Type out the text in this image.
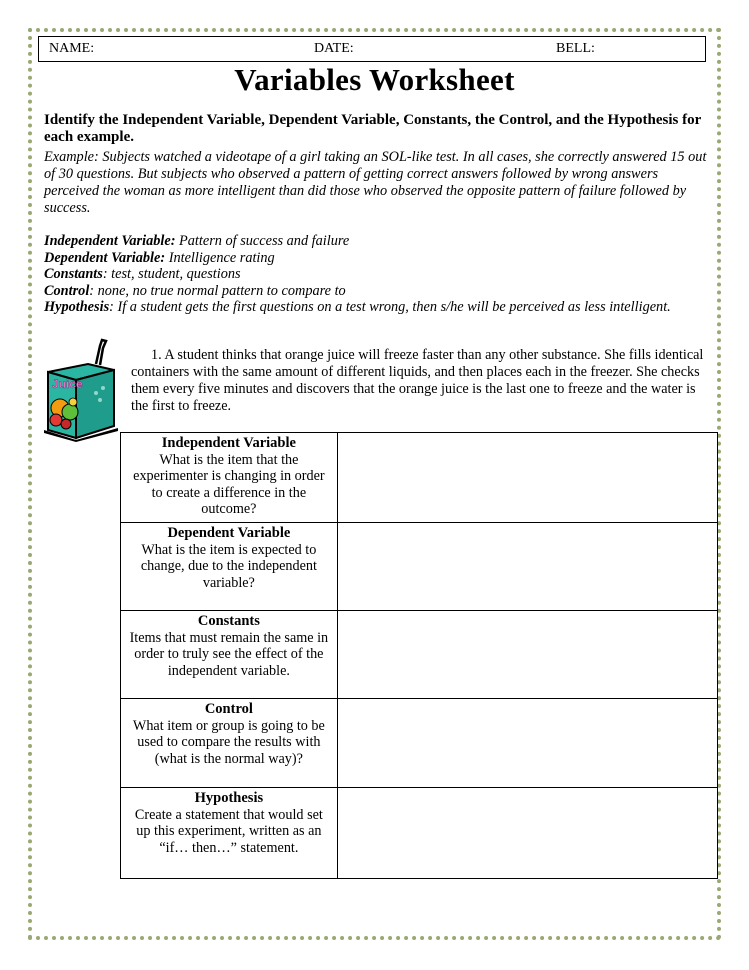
NAME:	DATE:	BELL:
Variables Worksheet
Identify the Independent Variable, Dependent Variable, Constants, the Control, and the Hypothesis for each example.
Example: Subjects watched a videotape of a girl taking an SOL-like test. In all cases, she correctly answered 15 out of 30 questions. But subjects who observed a pattern of getting correct answers followed by wrong answers perceived the woman as more intelligent than did those who observed the opposite pattern of failure followed by success.
Independent Variable: Pattern of success and failure
Dependent Variable: Intelligence rating
Constants: test, student, questions
Control: none, no true normal pattern to compare to
Hypothesis: If a student gets the first questions on a test wrong, then s/he will be perceived as less intelligent.
Juice
1. A student thinks that orange juice will freeze faster than any other substance. She fills identical containers with the same amount of different liquids, and then places each in the freezer. She checks them every five minutes and discovers that the orange juice is the last one to freeze and the water is the first to freeze.
Independent Variable
What is the item that the experimenter is changing in order to create a difference in the outcome?	

Dependent Variable
What is the item is expected to change, due to the independent variable?	

Constants
Items that must remain the same in order to truly see the effect of the independent variable.	

Control
What item or group is going to be used to compare the results with (what is the normal way)?	

Hypothesis
Create a statement that would set up this experiment, written as an “if… then…” statement.	
